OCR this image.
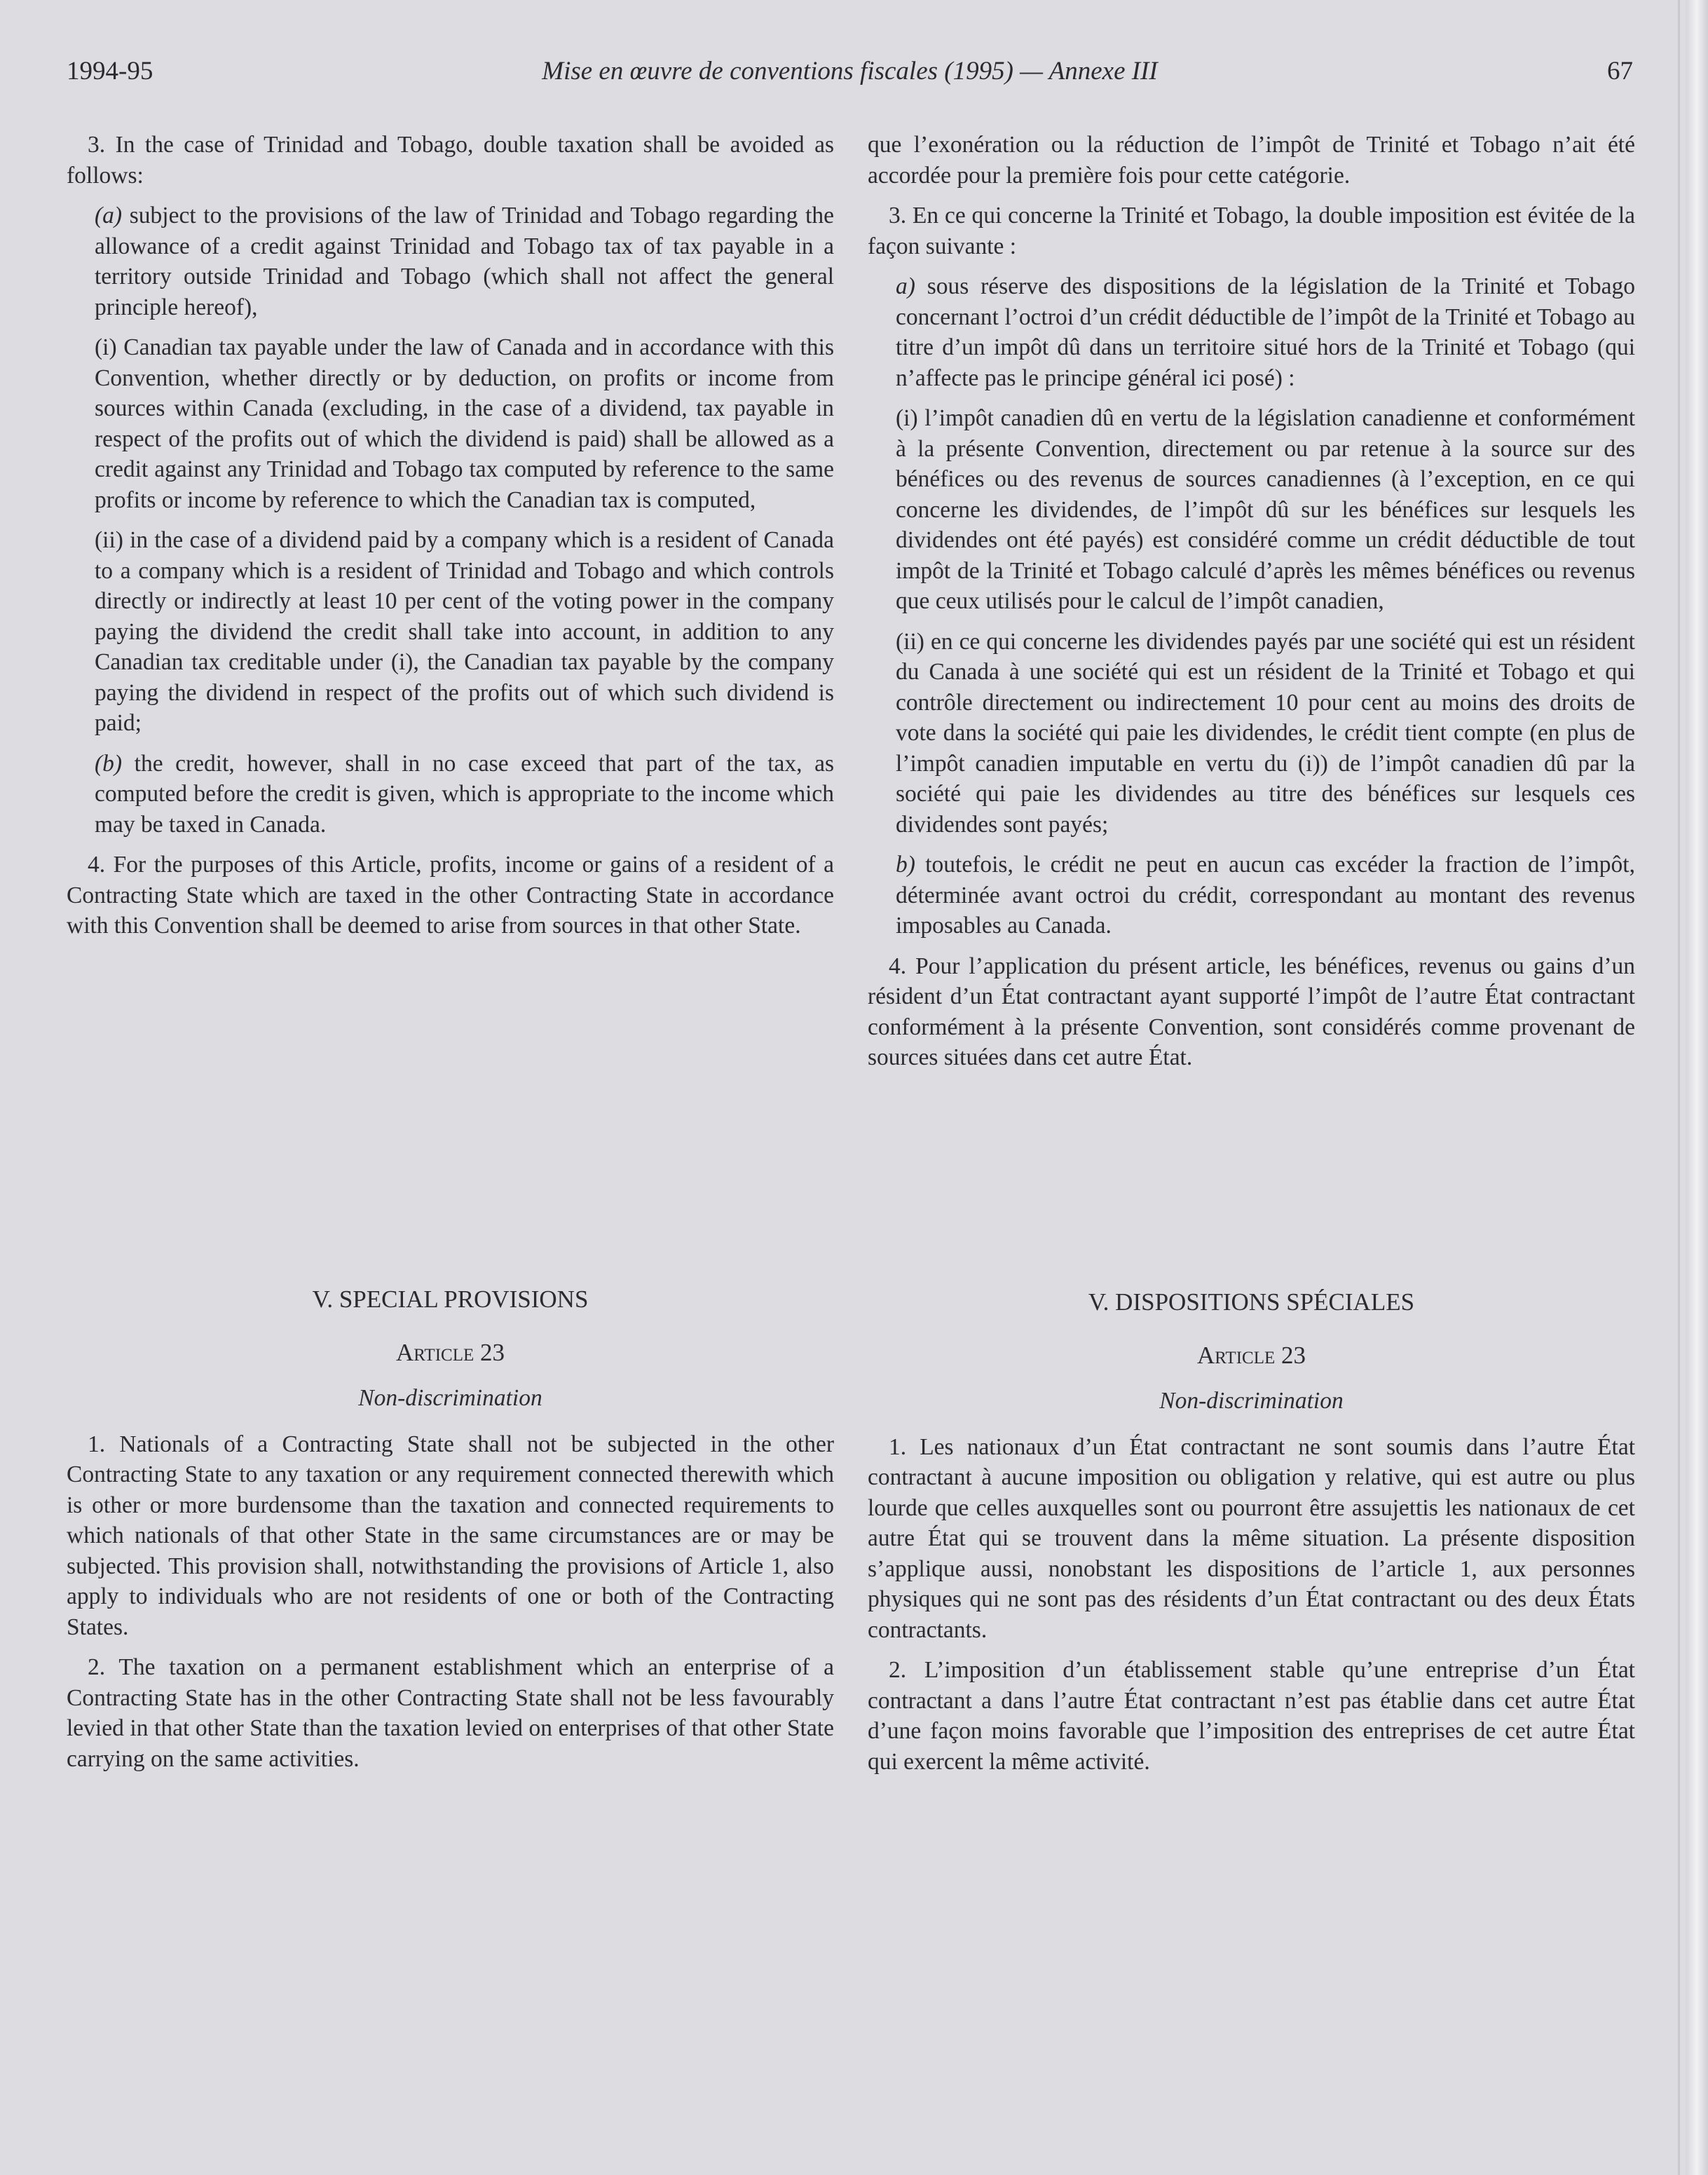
1994-95	Mise en œuvre de conventions fiscales (1995) — Annexe III	67

3. In the case of Trinidad and Tobago, double taxation shall be avoided as follows:

(a) subject to the provisions of the law of Trinidad and Tobago regarding the allowance of a credit against Trinidad and Tobago tax of tax payable in a territory outside Trinidad and Tobago (which shall not affect the general principle hereof),

(i) Canadian tax payable under the law of Canada and in accordance with this Convention, whether directly or by deduction, on profits or income from sources within Canada (excluding, in the case of a dividend, tax payable in respect of the profits out of which the dividend is paid) shall be allowed as a credit against any Trinidad and Tobago tax computed by reference to the same profits or income by reference to which the Canadian tax is computed,

(ii) in the case of a dividend paid by a company which is a resident of Canada to a company which is a resident of Trinidad and Tobago and which controls directly or indirectly at least 10 per cent of the voting power in the company paying the dividend the credit shall take into account, in addition to any Canadian tax creditable under (i), the Canadian tax payable by the company paying the dividend in respect of the profits out of which such dividend is paid;

(b) the credit, however, shall in no case exceed that part of the tax, as computed before the credit is given, which is appropriate to the income which may be taxed in Canada.

4. For the purposes of this Article, profits, income or gains of a resident of a Contracting State which are taxed in the other Contracting State in accordance with this Convention shall be deemed to arise from sources in that other State.

V. SPECIAL PROVISIONS

Article 23

Non-discrimination

1. Nationals of a Contracting State shall not be subjected in the other Contracting State to any taxation or any requirement connected therewith which is other or more burdensome than the taxation and connected requirements to which nationals of that other State in the same circumstances are or may be subjected. This provision shall, notwithstanding the provisions of Article 1, also apply to individuals who are not residents of one or both of the Contracting States.

2. The taxation on a permanent establishment which an enterprise of a Contracting State has in the other Contracting State shall not be less favourably levied in that other State than the taxation levied on enterprises of that other State carrying on the same activities.

que l’exonération ou la réduction de l’impôt de Trinité et Tobago n’ait été accordée pour la première fois pour cette catégorie.

3. En ce qui concerne la Trinité et Tobago, la double imposition est évitée de la façon suivante :

a) sous réserve des dispositions de la législation de la Trinité et Tobago concernant l’octroi d’un crédit déductible de l’impôt de la Trinité et Tobago au titre d’un impôt dû dans un territoire situé hors de la Trinité et Tobago (qui n’affecte pas le principe général ici posé) :

(i) l’impôt canadien dû en vertu de la législation canadienne et conformément à la présente Convention, directement ou par retenue à la source sur des bénéfices ou des revenus de sources canadiennes (à l’exception, en ce qui concerne les dividendes, de l’impôt dû sur les bénéfices sur lesquels les dividendes ont été payés) est considéré comme un crédit déductible de tout impôt de la Trinité et Tobago calculé d’après les mêmes bénéfices ou revenus que ceux utilisés pour le calcul de l’impôt canadien,

(ii) en ce qui concerne les dividendes payés par une société qui est un résident du Canada à une société qui est un résident de la Trinité et Tobago et qui contrôle directement ou indirectement 10 pour cent au moins des droits de vote dans la société qui paie les dividendes, le crédit tient compte (en plus de l’impôt canadien imputable en vertu du (i)) de l’impôt canadien dû par la société qui paie les dividendes au titre des bénéfices sur lesquels ces dividendes sont payés;

b) toutefois, le crédit ne peut en aucun cas excéder la fraction de l’impôt, déterminée avant octroi du crédit, correspondant au montant des revenus imposables au Canada.

4. Pour l’application du présent article, les bénéfices, revenus ou gains d’un résident d’un État contractant ayant supporté l’impôt de l’autre État contractant conformément à la présente Convention, sont considérés comme provenant de sources situées dans cet autre État.

V. DISPOSITIONS SPÉCIALES

Article 23

Non-discrimination

1. Les nationaux d’un État contractant ne sont soumis dans l’autre État contractant à aucune imposition ou obligation y relative, qui est autre ou plus lourde que celles auxquelles sont ou pourront être assujettis les nationaux de cet autre État qui se trouvent dans la même situation. La présente disposition s’applique aussi, nonobstant les dispositions de l’article 1, aux personnes physiques qui ne sont pas des résidents d’un État contractant ou des deux États contractants.

2. L’imposition d’un établissement stable qu’une entreprise d’un État contractant a dans l’autre État contractant n’est pas établie dans cet autre État d’une façon moins favorable que l’imposition des entreprises de cet autre État qui exercent la même activité.
